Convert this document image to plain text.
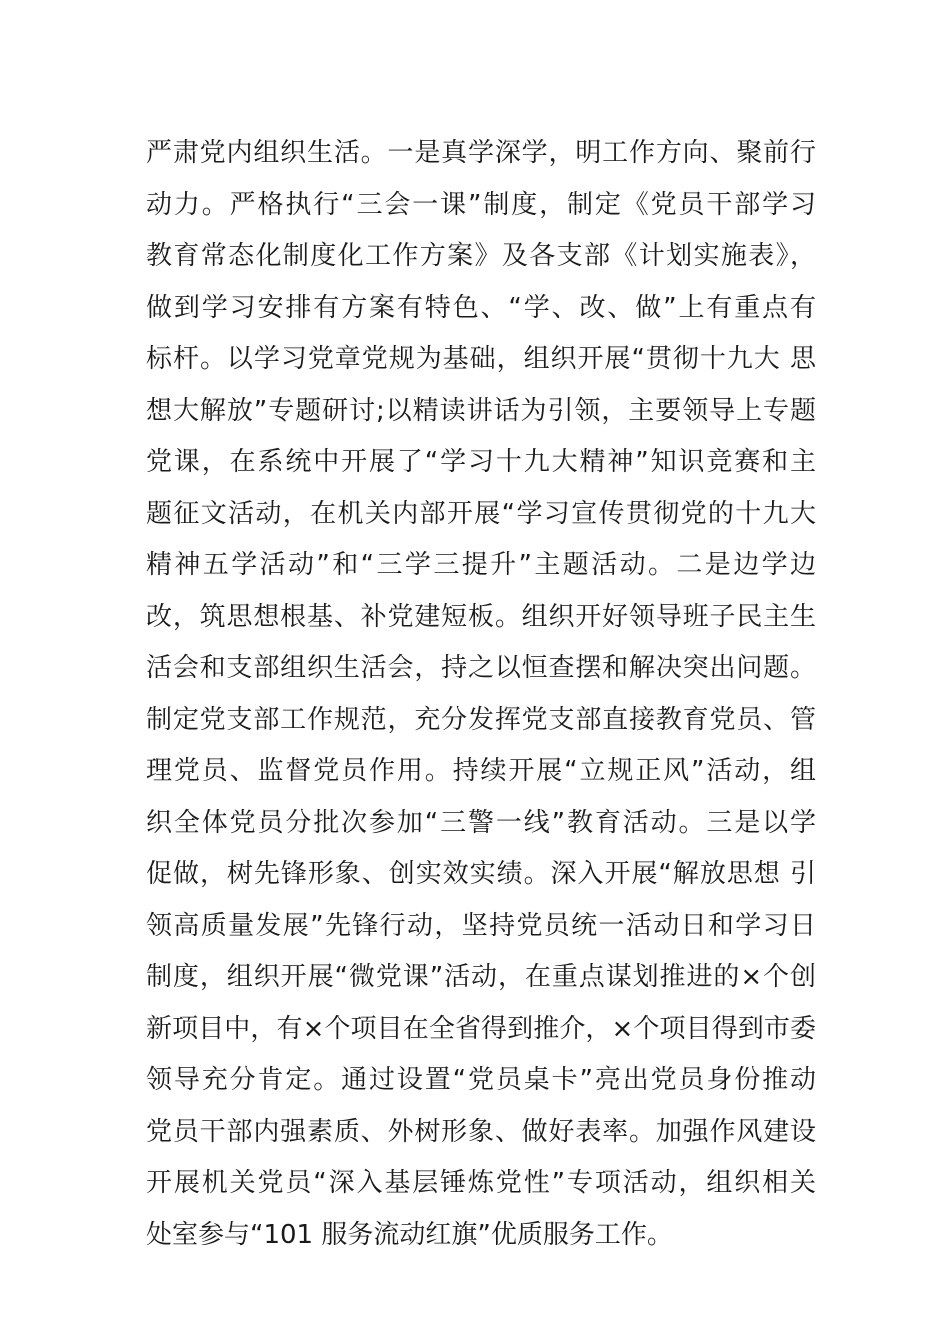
严肃党内组织生活。一是真学深学，明工作方向、聚前行
动力。严格执行“三会一课”制度，制定《党员干部学习
教育常态化制度化工作方案》及各支部《计划实施表》，
做到学习安排有方案有特色、“学、改、做”上有重点有
标杆。以学习党章党规为基础，组织开展“贯彻十九大 思
想大解放”专题研讨;以精读讲话为引领，主要领导上专题
党课，在系统中开展了“学习十九大精神”知识竞赛和主
题征文活动，在机关内部开展“学习宣传贯彻党的十九大
精神五学活动”和“三学三提升”主题活动。二是边学边
改，筑思想根基、补党建短板。组织开好领导班子民主生
活会和支部组织生活会，持之以恒查摆和解决突出问题。
制定党支部工作规范，充分发挥党支部直接教育党员、管
理党员、监督党员作用。持续开展“立规正风”活动，组
织全体党员分批次参加“三警一线”教育活动。三是以学
促做，树先锋形象、创实效实绩。深入开展“解放思想 引
领高质量发展”先锋行动，坚持党员统一活动日和学习日
制度，组织开展“微党课”活动，在重点谋划推进的×个创
新项目中，有×个项目在全省得到推介，×个项目得到市委
领导充分肯定。通过设置“党员桌卡”亮出党员身份推动
党员干部内强素质、外树形象、做好表率。加强作风建设
开展机关党员“深入基层锤炼党性”专项活动，组织相关
处室参与“101 服务流动红旗”优质服务工作。
